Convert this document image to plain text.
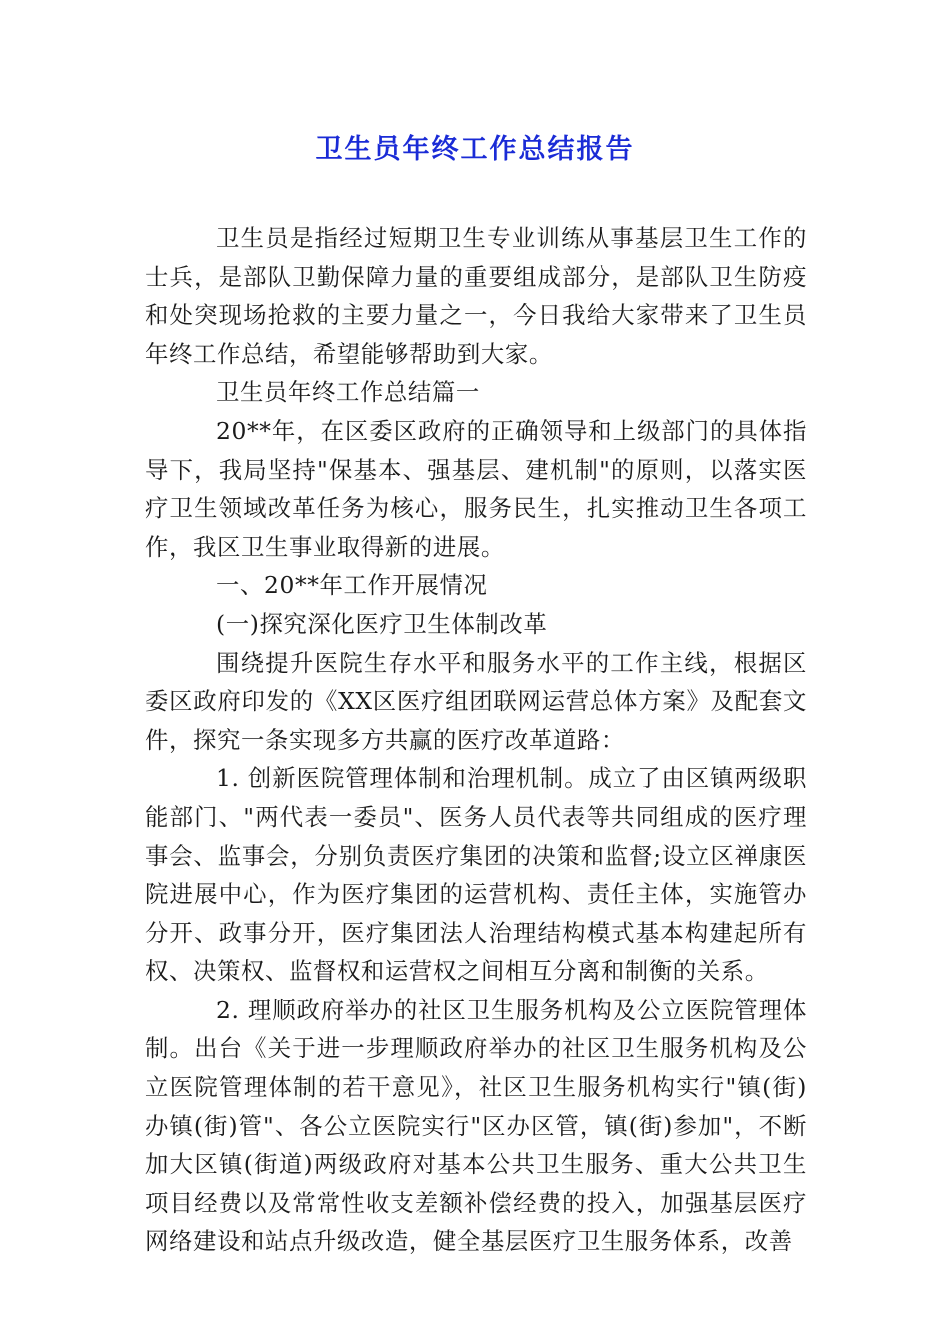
卫生员年终工作总结报告

卫生员是指经过短期卫生专业训练从事基层卫生工作的士兵，是部队卫勤保障力量的重要组成部分，是部队卫生防疫和处突现场抢救的主要力量之一，今日我给大家带来了卫生员年终工作总结，希望能够帮助到大家。

卫生员年终工作总结篇一

20**年，在区委区政府的正确领导和上级部门的具体指导下，我局坚持"保基本、强基层、建机制"的原则，以落实医疗卫生领域改革任务为核心，服务民生，扎实推动卫生各项工作，我区卫生事业取得新的进展。

一、20**年工作开展情况

(一)探究深化医疗卫生体制改革

围绕提升医院生存水平和服务水平的工作主线，根据区委区政府印发的《XX区医疗组团联网运营总体方案》及配套文件，探究一条实现多方共赢的医疗改革道路：

1. 创新医院管理体制和治理机制。成立了由区镇两级职能部门、"两代表一委员"、医务人员代表等共同组成的医疗理事会、监事会，分别负责医疗集团的决策和监督;设立区禅康医院进展中心，作为医疗集团的运营机构、责任主体，实施管办分开、政事分开，医疗集团法人治理结构模式基本构建起所有权、决策权、监督权和运营权之间相互分离和制衡的关系。

2. 理顺政府举办的社区卫生服务机构及公立医院管理体制。出台《关于进一步理顺政府举办的社区卫生服务机构及公立医院管理体制的若干意见》，社区卫生服务机构实行"镇(街)办镇(街)管"、各公立医院实行"区办区管，镇(街)参加"，不断加大区镇(街道)两级政府对基本公共卫生服务、重大公共卫生项目经费以及常常性收支差额补偿经费的投入，加强基层医疗网络建设和站点升级改造，健全基层医疗卫生服务体系，改善
